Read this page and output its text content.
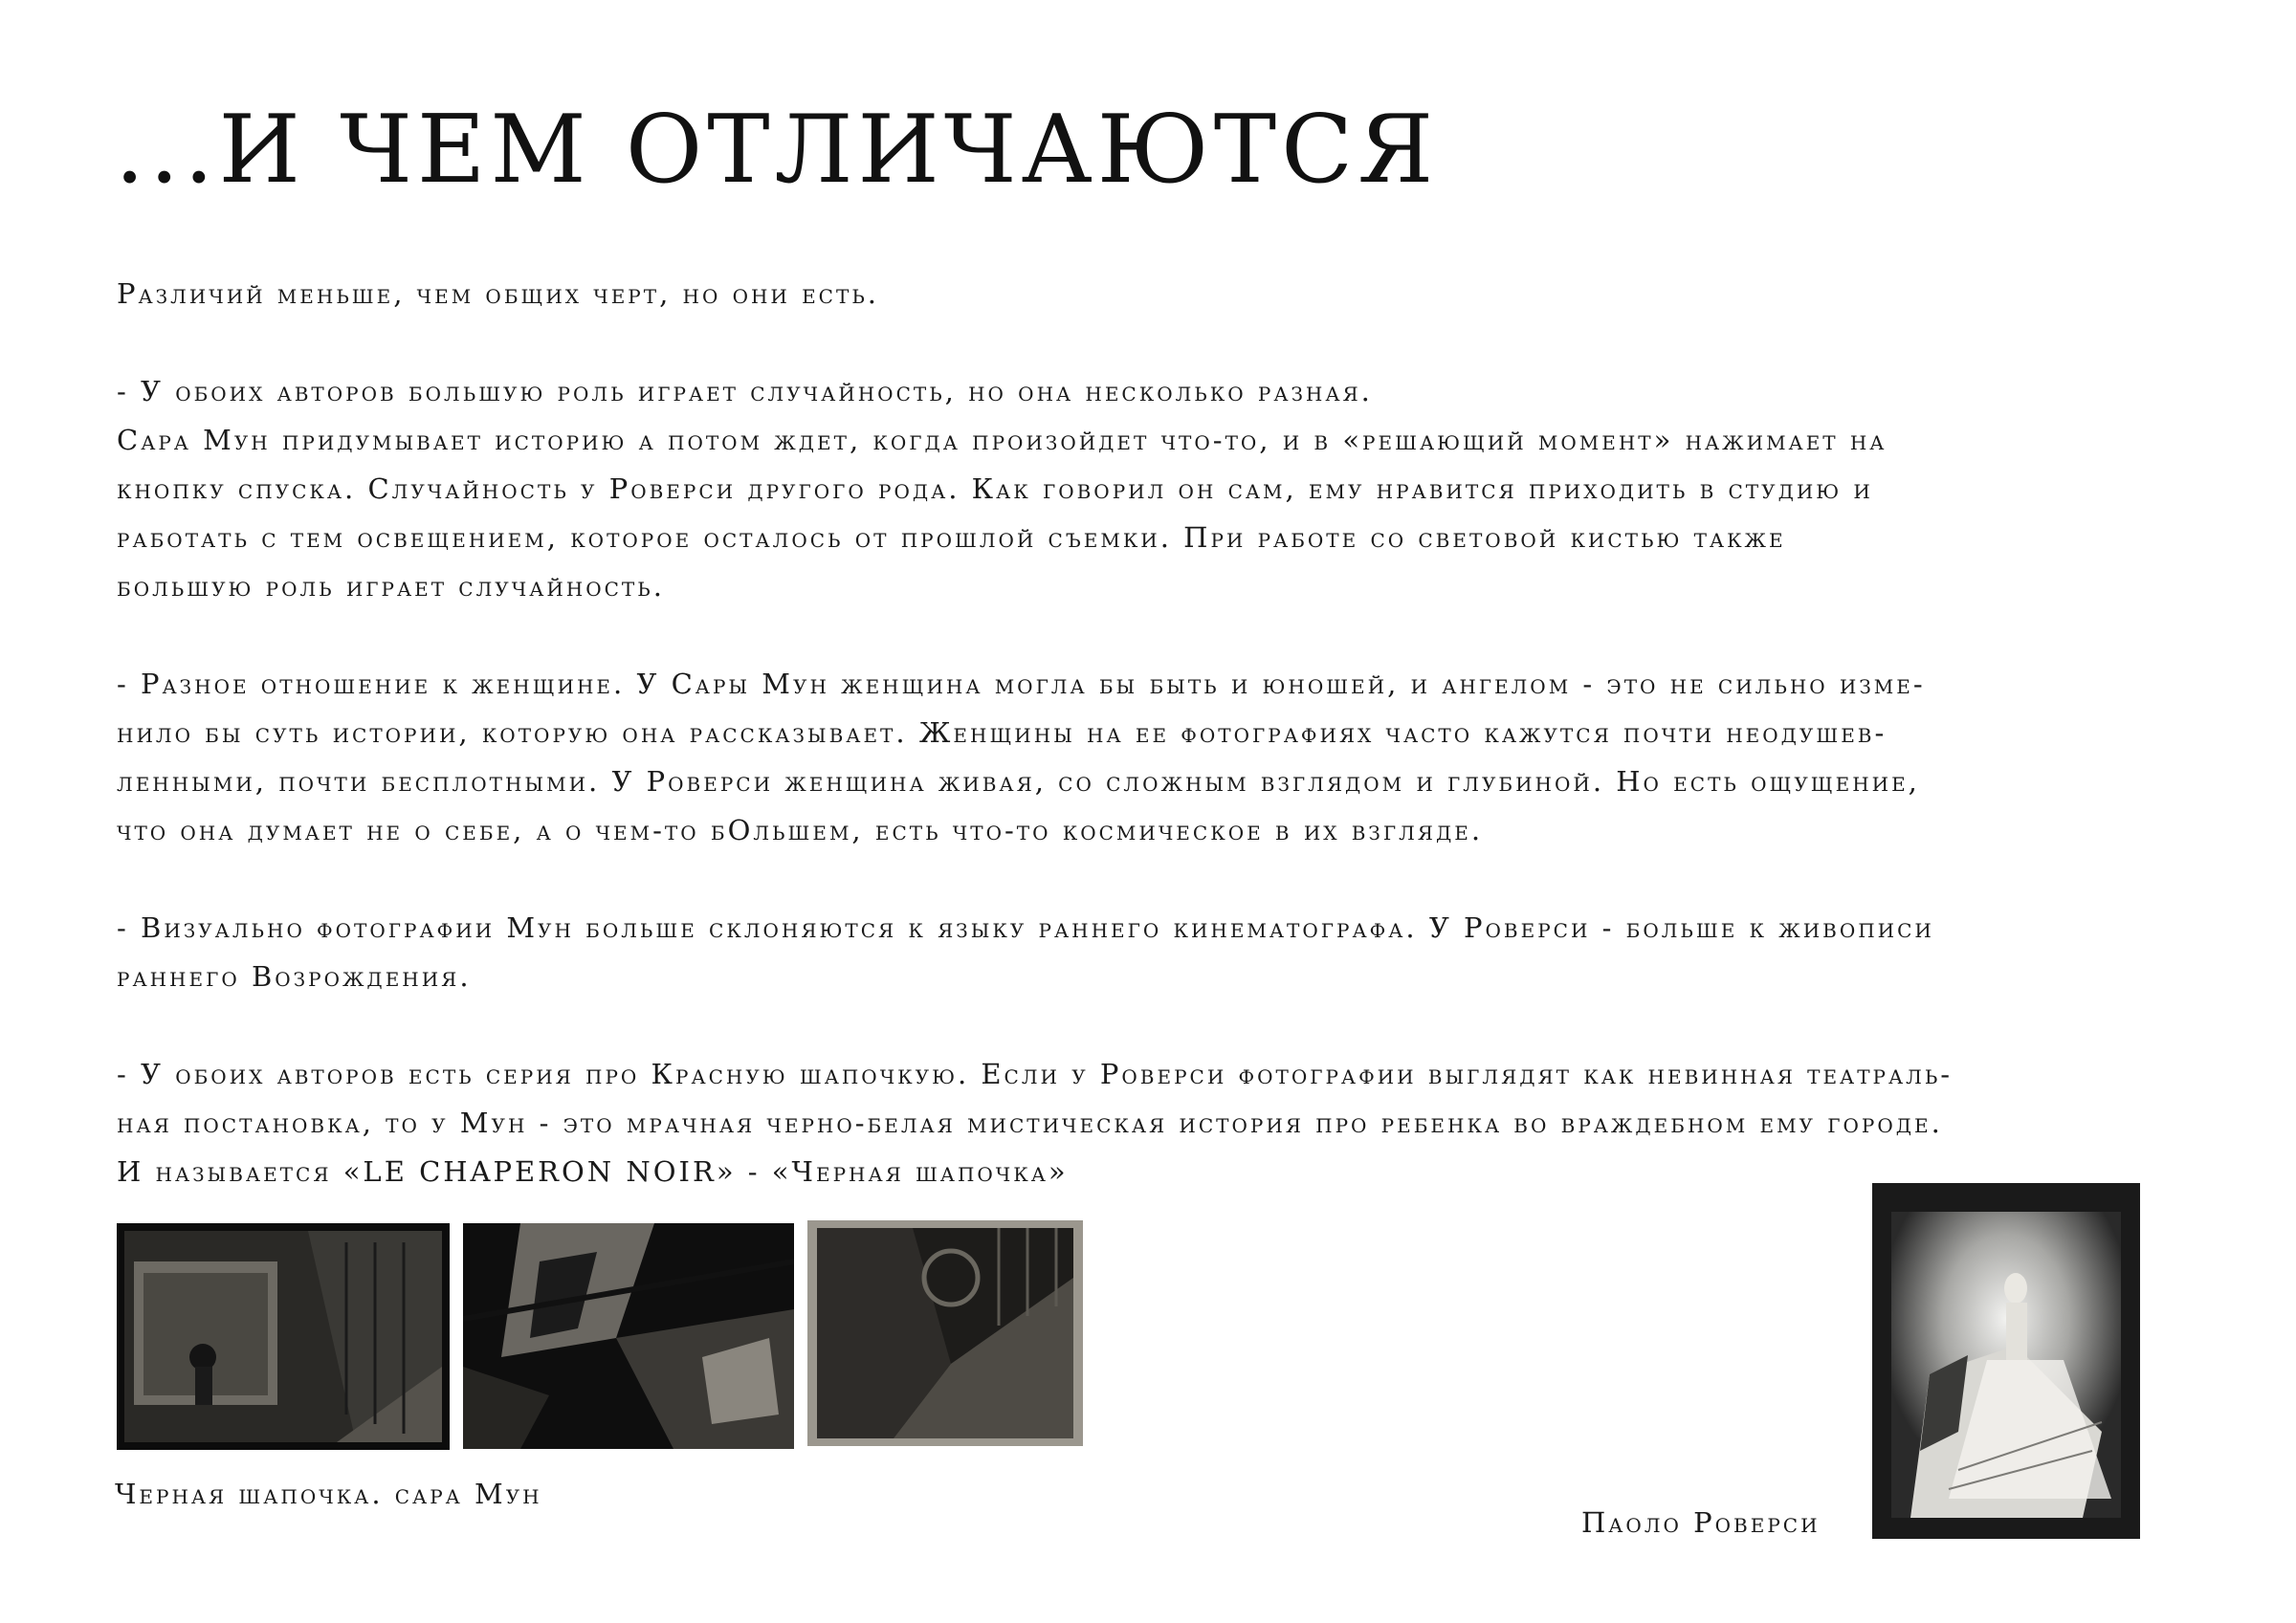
...И ЧЕМ ОТЛИЧАЮТСЯ

Различий меньше, чем общих черт, но они есть.

- У обоих авторов большую роль играет случайность, но она несколько разная.
Сара Мун придумывает историю а потом ждет, когда произойдет что-то, и в «решающий момент» нажимает на
кнопку спуска. Случайность у Роверси другого рода. Как говорил он сам, ему нравится приходить в студию и
работать с тем освещением, которое осталось от прошлой съемки. При работе со световой кистью также
большую роль играет случайность.

- Разное отношение к женщине. У Сары Мун женщина могла бы быть и юношей, и ангелом - это не сильно изме-
нило бы суть истории, которую она рассказывает. Женщины на ее фотографиях часто кажутся почти неодушев-
ленными, почти бесплотными. У Роверси женщина живая, со сложным взглядом и глубиной. Но есть ощущение,
что она думает не о себе, а о чем-то бОльшем, есть что-то космическое в их взгляде.

- Визуально фотографии Мун больше склоняются к языку раннего кинематографа. У Роверси - больше к живописи
раннего Возрождения.

- У обоих авторов есть серия про Красную шапочкую. Если у Роверси фотографии выглядят как невинная театраль-
ная постановка, то у Мун - это мрачная черно-белая мистическая история про ребенка во враждебном ему городе.
И называется «LE CHAPERON NOIR» - «Черная шапочка»

Черная шапочка. сара Мун

Паоло Роверси
